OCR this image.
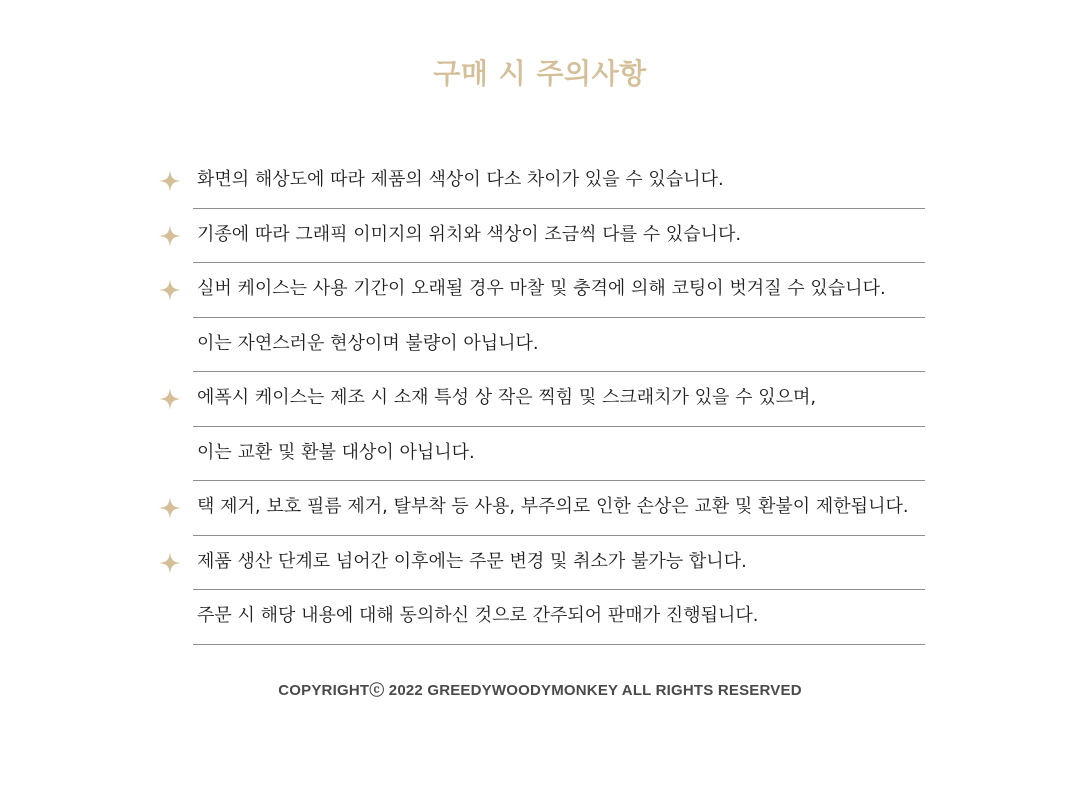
구매 시 주의사항
화면의 해상도에 따라 제품의 색상이 다소 차이가 있을 수 있습니다.
기종에 따라 그래픽 이미지의 위치와 색상이 조금씩 다를 수 있습니다.
실버 케이스는 사용 기간이 오래될 경우 마찰 및 충격에 의해 코팅이 벗겨질 수 있습니다.
이는 자연스러운 현상이며 불량이 아닙니다.
에폭시 케이스는 제조 시 소재 특성 상 작은 찍힘 및 스크래치가 있을 수 있으며,
이는 교환 및 환불 대상이 아닙니다.
택 제거, 보호 필름 제거, 탈부착 등 사용, 부주의로 인한 손상은 교환 및 환불이 제한됩니다.
제품 생산 단계로 넘어간 이후에는 주문 변경 및 취소가 불가능 합니다.
주문 시 해당 내용에 대해 동의하신 것으로 간주되어 판매가 진행됩니다.
COPYRIGHTⓒ 2022 GREEDYWOODYMONKEY ALL RIGHTS RESERVED
